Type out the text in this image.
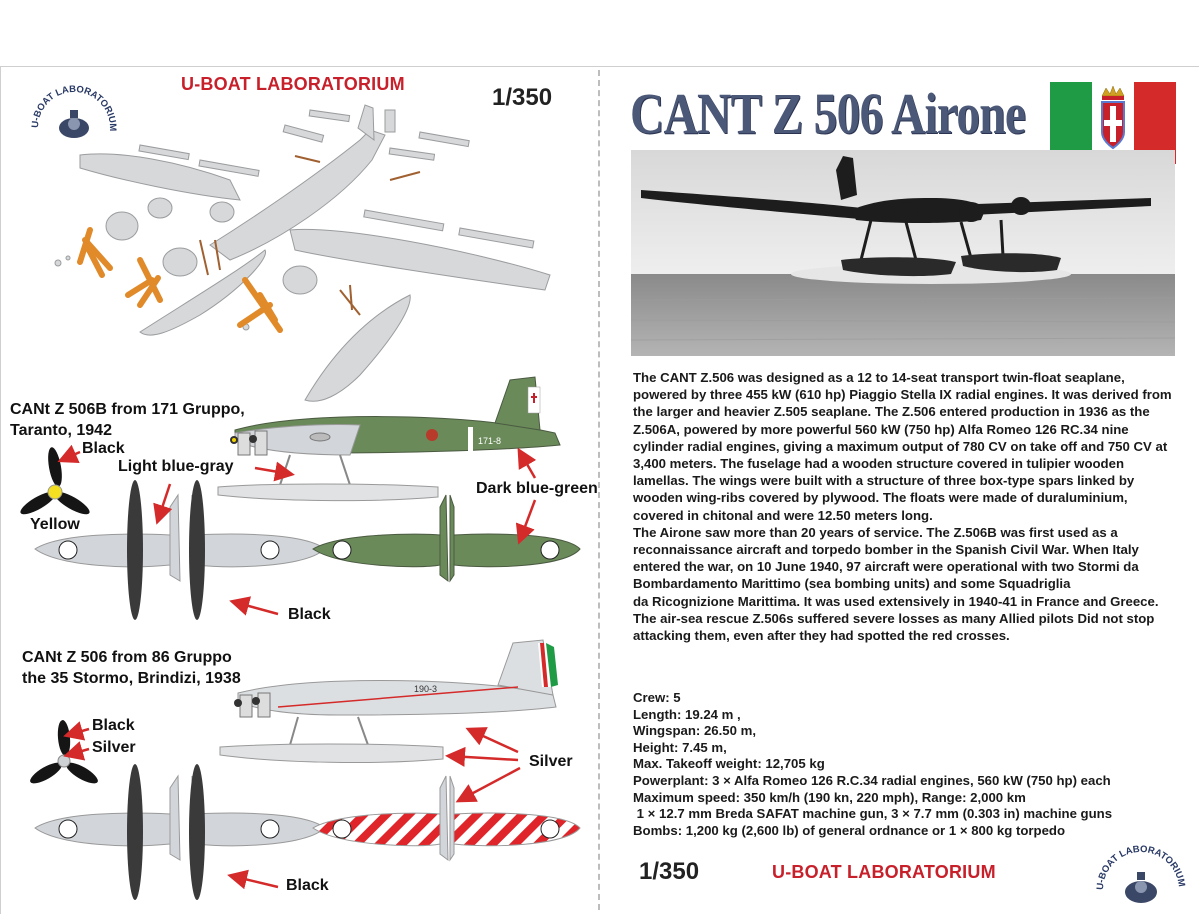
U-BOAT LABORATORIUM
U-BOAT LABORATORIUM	1/350
CANt Z 506B from 171 Gruppo,
Taranto, 1942
171-8
Black
Light blue-gray
Yellow
Dark blue-green
Black
CANt Z 506 from 86 Gruppo
the 35 Stormo, Brindizi, 1938
190-3
Black
Silver
Silver
Black
CANT Z 506 Airone

The CANT Z.506 was designed as a 12 to 14-seat transport twin-float seaplane, powered by three 455 kW (610 hp) Piaggio Stella IX radial engines. It was derived from the larger and heavier Z.505 seaplane. The Z.506 entered production in 1936 as the Z.506A, powered by more powerful 560 kW (750 hp) Alfa Romeo 126 RC.34 nine cylinder radial engines, giving a maximum output of 780 CV on take off and 750 CV at 3,400 meters. The fuselage had a wooden structure covered in tulipier wooden lamellas. The wings were built with a structure of three box-type spars linked by wooden wing-ribs covered by plywood. The floats were made of duraluminium, covered in chitonal and were 12.50 meters long.

The Airone saw more than 20 years of service. The Z.506B was first used as a reconnaissance aircraft and torpedo bomber in the Spanish Civil War. When Italy entered the war, on 10 June 1940, 97 aircraft were operational with two Stormi da Bombardamento Marittimo (sea bombing units) and some Squadriglia

da Ricognizione Marittima. It was used extensively in 1940-41 in France and Greece. The air-sea rescue Z.506s suffered severe losses as many Allied pilots Did not stop attacking them, even after they had spotted the red crosses.

Crew: 5
Length: 19.24 m ,
Wingspan: 26.50 m,
Height: 7.45 m,
Max. Takeoff weight: 12,705 kg
Powerplant: 3 × Alfa Romeo 126 R.C.34 radial engines, 560 kW (750 hp) each
Maximum speed: 350 km/h (190 kn, 220 mph), Range: 2,000 km
1 × 12.7 mm Breda SAFAT machine gun, 3 × 7.7 mm (0.303 in) machine guns
Bombs: 1,200 kg (2,600 lb) of general ordnance or 1 × 800 kg torpedo
1/350	U-BOAT LABORATORIUM
U-BOAT LABORATORIUM
